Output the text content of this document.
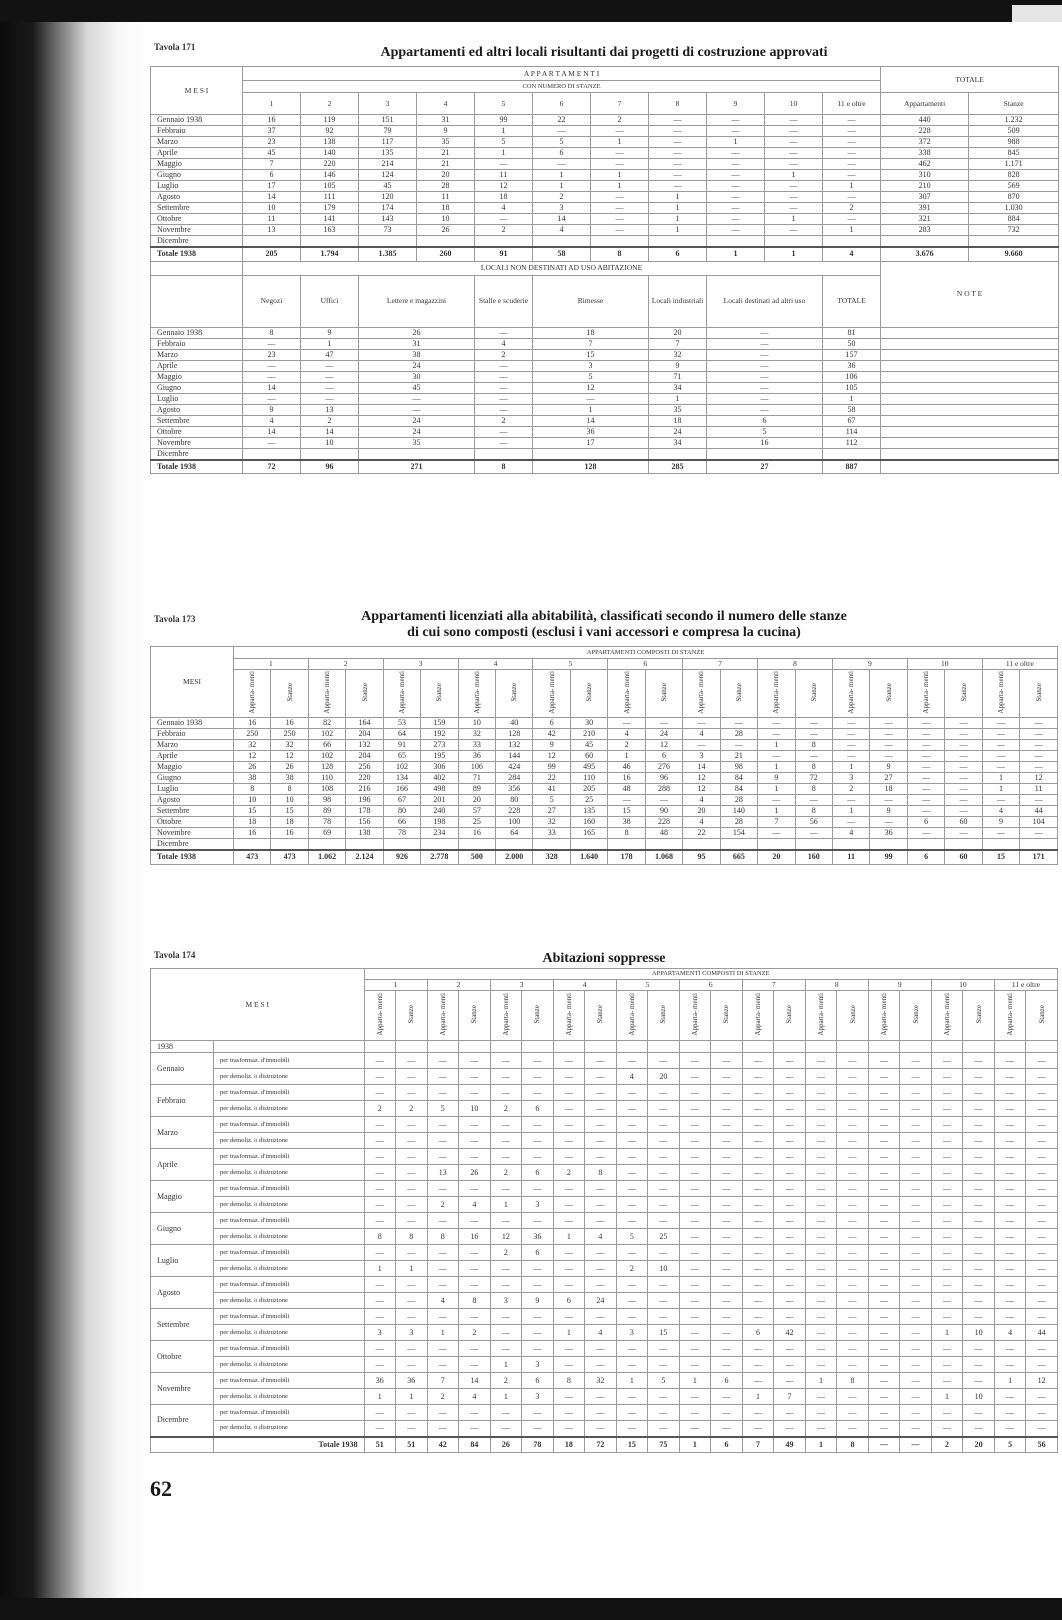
Tavola 171	Appartamenti ed altri locali risultanti dai progetti di costruzione approvati
M E S I	A P P A R T A M E N T I											TOTALE	
	CON NUMERO DI STANZE												
	1	2	3	4	5	6	7	8	9	10	11 e oltre	Appartamenti	Stanze
Gennaio 1938	16	119	151	31	99	22	2	—	—	—	—	440	1.232
Febbraio	37	92	79	9	1	—	—	—	—	—	—	228	509
Marzo	23	138	117	35	5	5	1	—	1	—	—	372	988
Aprile	45	140	135	21	1	6	—	—	—	—	—	338	845
Maggio	7	220	214	21	—	—	—	—	—	—	—	462	1.171
Giugno	6	146	124	20	11	1	1	—	—	1	—	310	828
Luglio	17	105	45	28	12	1	1	—	—	—	1	210	569
Agosto	14	111	120	11	18	2	—	1	—	—	—	307	870
Settembre	10	179	174	18	4	3	—	1	—	—	2	391	1.030
Ottobre	11	141	143	10	—	14	—	1	—	1	—	321	884
Novembre	13	163	73	26	2	4	—	1	—	—	1	283	732
Dicembre													
Totale 1938	205	1.794	1.385	260	91	58	8	6	1	1	4	3.676	9.660
	LOCALI NON DESTINATI AD USO ABITAZIONE											N O T E	
	Negozi	Uffici	Lettere e magazzini		Stalle e scuderie	Rimesse		Locali industriali	Locali destinati ad altri uso		TOTALE		
Gennaio 1938	8	9	26		—	18		20	—		81		
Febbraio	—	1	31		4	7		7	—		50		
Marzo	23	47	38		2	15		32	—		157		
Aprile	—	—	24		—	3		9	—		36		
Maggio	—	—	30		—	5		71	—		106		
Giugno	14	—	45		—	12		34	—		105		
Luglio	—	—	—		—	—		1	—		1		
Agosto	9	13	—		—	1		35	—		58		
Settembre	4	2	24		2	14		18	6		67		
Ottobre	14	14	24		—	36		24	5		114		
Novembre	—	10	35		—	17		34	16		112		
Dicembre													
Totale 1938	72	96	271		8	128		285	27		887		
Tavola 173	Appartamenti licenziati alla abitabilità, classificati secondo il numero delle stanze
di cui sono composti (esclusi i vani accessori e compresa la cucina)
MESI	APPARTAMENTI COMPOSTI DI STANZE																					
	1		2		3		4		5		6		7		8		9		10		11 e oltre	
	Apparta- menti	Stanze	Apparta- menti	Stanze	Apparta- menti	Stanze	Apparta- menti	Stanze	Apparta- menti	Stanze	Apparta- menti	Stanze	Apparta- menti	Stanze	Apparta- menti	Stanze	Apparta- menti	Stanze	Apparta- menti	Stanze	Apparta- menti	Stanze
Gennaio 1938	16	16	82	164	53	159	10	40	6	30	—	—	—	—	—	—	—	—	—	—	—	—
Febbraio	250	250	102	204	64	192	32	128	42	210	4	24	4	28	—	—	—	—	—	—	—	—
Marzo	32	32	66	132	91	273	33	132	9	45	2	12	—	—	1	8	—	—	—	—	—	—
Aprile	12	12	102	204	65	195	36	144	12	60	1	6	3	21	—	—	—	—	—	—	—	—
Maggio	26	26	128	256	102	306	106	424	99	495	46	276	14	98	1	8	1	9	—	—	—	—
Giugno	38	38	110	220	134	402	71	284	22	110	16	96	12	84	9	72	3	27	—	—	1	12
Luglio	8	8	108	216	166	498	89	356	41	205	48	288	12	84	1	8	2	18	—	—	1	11
Agosto	10	10	98	196	67	201	20	80	5	25	—	—	4	28	—	—	—	—	—	—	—	—
Settembre	15	15	89	178	80	240	57	228	27	135	15	90	20	140	1	8	1	9	—	—	4	44
Ottobre	18	18	78	156	66	198	25	100	32	160	38	228	4	28	7	56	—	—	6	60	9	104
Novembre	16	16	69	138	78	234	16	64	33	165	8	48	22	154	—	—	4	36	—	—	—	—
Dicembre																						
Totale 1938	473	473	1.062	2.124	926	2.778	500	2.000	328	1.640	178	1.068	95	665	20	160	11	99	6	60	15	171
Tavola 174	Abitazioni soppresse
M E S I		APPARTAMENTI COMPOSTI DI STANZE																					
		1		2		3		4		5		6		7		8		9		10		11 e oltre	
		Apparta- menti	Stanze	Apparta- menti	Stanze	Apparta- menti	Stanze	Apparta- menti	Stanze	Apparta- menti	Stanze	Apparta- menti	Stanze	Apparta- menti	Stanze	Apparta- menti	Stanze	Apparta- menti	Stanze	Apparta- menti	Stanze	Apparta- menti	Stanze
1938																							
Gennaio	per trasformaz. d'immobili	—	—	—	—	—	—	—	—	—	—	—	—	—	—	—	—	—	—	—	—	—	—
	per demoliz. o distruzione	—	—	—	—	—	—	—	—	4	20	—	—	—	—	—	—	—	—	—	—	—	—
Febbraio	per trasformaz. d'immobili	—	—	—	—	—	—	—	—	—	—	—	—	—	—	—	—	—	—	—	—	—	—
	per demoliz. o distruzione	2	2	5	10	2	6	—	—	—	—	—	—	—	—	—	—	—	—	—	—	—	—
Marzo	per trasformaz. d'immobili	—	—	—	—	—	—	—	—	—	—	—	—	—	—	—	—	—	—	—	—	—	—
	per demoliz. o distruzione	—	—	—	—	—	—	—	—	—	—	—	—	—	—	—	—	—	—	—	—	—	—
Aprile	per trasformaz. d'immobili	—	—	—	—	—	—	—	—	—	—	—	—	—	—	—	—	—	—	—	—	—	—
	per demoliz. o distruzione	—	—	13	26	2	6	2	8	—	—	—	—	—	—	—	—	—	—	—	—	—	—
Maggio	per trasformaz. d'immobili	—	—	—	—	—	—	—	—	—	—	—	—	—	—	—	—	—	—	—	—	—	—
	per demoliz. o distruzione	—	—	2	4	1	3	—	—	—	—	—	—	—	—	—	—	—	—	—	—	—	—
Giugno	per trasformaz. d'immobili	—	—	—	—	—	—	—	—	—	—	—	—	—	—	—	—	—	—	—	—	—	—
	per demoliz. o distruzione	8	8	8	16	12	36	1	4	5	25	—	—	—	—	—	—	—	—	—	—	—	—
Luglio	per trasformaz. d'immobili	—	—	—	—	2	6	—	—	—	—	—	—	—	—	—	—	—	—	—	—	—	—
	per demoliz. o distruzione	1	1	—	—	—	—	—	—	2	10	—	—	—	—	—	—	—	—	—	—	—	—
Agosto	per trasformaz. d'immobili	—	—	—	—	—	—	—	—	—	—	—	—	—	—	—	—	—	—	—	—	—	—
	per demoliz. o distruzione	—	—	4	8	3	9	6	24	—	—	—	—	—	—	—	—	—	—	—	—	—	—
Settembre	per trasformaz. d'immobili	—	—	—	—	—	—	—	—	—	—	—	—	—	—	—	—	—	—	—	—	—	—
	per demoliz. o distruzione	3	3	1	2	—	—	1	4	3	15	—	—	6	42	—	—	—	—	1	10	4	44
Ottobre	per trasformaz. d'immobili	—	—	—	—	—	—	—	—	—	—	—	—	—	—	—	—	—	—	—	—	—	—
	per demoliz. o distruzione	—	—	—	—	1	3	—	—	—	—	—	—	—	—	—	—	—	—	—	—	—	—
Novembre	per trasformaz. d'immobili	36	36	7	14	2	6	8	32	1	5	1	6	—	—	1	8	—	—	—	—	1	12
	per demoliz. o distruzione	1	1	2	4	1	3	—	—	—	—	—	—	1	7	—	—	—	—	1	10	—	—
Dicembre	per trasformaz. d'immobili	—	—	—	—	—	—	—	—	—	—	—	—	—	—	—	—	—	—	—	—	—	—
	per demoliz. o distruzione	—	—	—	—	—	—	—	—	—	—	—	—	—	—	—	—	—	—	—	—	—	—
	Totale 1938	51	51	42	84	26	78	18	72	15	75	1	6	7	49	1	8	—	—	2	20	5	56
62
